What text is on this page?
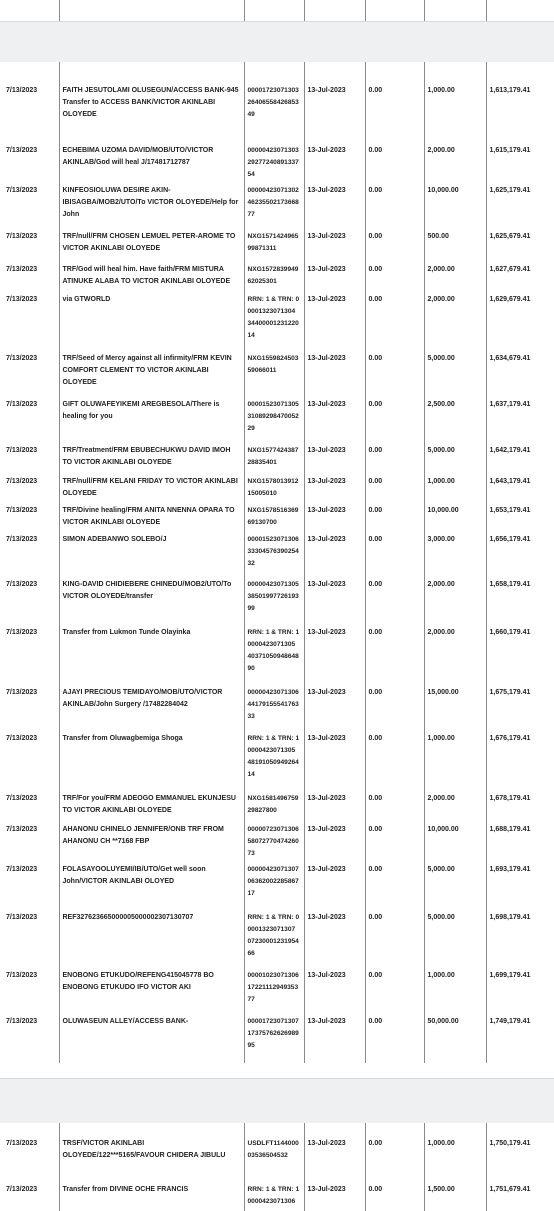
7/13/2023	FAITH JESUTOLAMI OLUSEGUN/ACCESS BANK-945 Transfer to ACCESS BANK/VICTOR AKINLABI OLOYEDE	000017230713032640655842685349	13-Jul-2023	0.00	1,000.00	1,613,179.41
7/13/2023	ECHEBIMA UZOMA DAVID/MOB/UTO/VICTOR AKINLAB/God will heal J/17481712787	000004230713032927724089133754	13-Jul-2023	0.00	2,000.00	1,615,179.41
7/13/2023	KINFEOSIOLUWA DESIRE AKIN-IBISAGBA/MOB2/UTO/To VICTOR OLOYEDE/Help for John	000004230713024623550217366877	13-Jul-2023	0.00	10,000.00	1,625,179.41
7/13/2023	TRF/null/FRM CHOSEN LEMUEL PETER-AROME TO VICTOR AKINLABI OLOYEDE	NXG157142496599871311	13-Jul-2023	0.00	500.00	1,625,679.41
7/13/2023	TRF/God will heal him. Have faith/FRM MISTURA ATINUKE ALABA TO VICTOR AKINLABI OLOYEDE	NXG157283994962025301	13-Jul-2023	0.00	2,000.00	1,627,679.41
7/13/2023	via GTWORLD	RRN: 1 & TRN: 00001323071304 34400001231220 14	13-Jul-2023	0.00	2,000.00	1,629,679.41
7/13/2023	TRF/Seed of Mercy against all infirmity/FRM KEVIN COMFORT CLEMENT TO VICTOR AKINLABI OLOYEDE	NXG155982450359066011	13-Jul-2023	0.00	5,000.00	1,634,679.41
7/13/2023	GIFT OLUWAFEYIKEMI AREGBESOLA/There is healing for you	000015230713053108929847005229	13-Jul-2023	0.00	2,500.00	1,637,179.41
7/13/2023	TRF/Treatment/FRM EBUBECHUKWU DAVID IMOH TO VICTOR AKINLABI OLOYEDE	NXG157742438728835401	13-Jul-2023	0.00	5,000.00	1,642,179.41
7/13/2023	TRF/null/FRM KELANI FRIDAY TO VICTOR AKINLABI OLOYEDE	NXG157801391215005010	13-Jul-2023	0.00	1,000.00	1,643,179.41
7/13/2023	TRF/Divine healing/FRM ANITA NNENNA OPARA TO VICTOR AKINLABI OLOYEDE	NXG157851636969130700	13-Jul-2023	0.00	10,000.00	1,653,179.41
7/13/2023	SIMON ADEBANWO SOLEBO/J	000015230713063330457639025432	13-Jul-2023	0.00	3,000.00	1,656,179.41
7/13/2023	KING-DAVID CHIDIEBERE CHINEDU/MOB2/UTO/To VICTOR OLOYEDE/transfer	000004230713053850199772619399	13-Jul-2023	0.00	2,000.00	1,658,179.41
7/13/2023	Transfer from Lukmon Tunde Olayinka	RRN: 1 & TRN: 10000423071305 40371050948648 90	13-Jul-2023	0.00	2,000.00	1,660,179.41
7/13/2023	AJAYI PRECIOUS TEMIDAYO/MOB/UTO/VICTOR AKINLAB/John Surgery /17482284042	000004230713064417915554176333	13-Jul-2023	0.00	15,000.00	1,675,179.41
7/13/2023	Transfer from Oluwagbemiga Shoga	RRN: 1 & TRN: 10000423071305 48191050949264 14	13-Jul-2023	0.00	1,000.00	1,676,179.41
7/13/2023	TRF/For you/FRM ADEOGO EMMANUEL EKUNJESU TO VICTOR AKINLABI OLOYEDE	NXG158149675929827800	13-Jul-2023	0.00	2,000.00	1,678,179.41
7/13/2023	AHANONU CHINELO JENNIFER/ONB TRF FROM AHANONU CH **7168 FBP	000007230713065807277047426073	13-Jul-2023	0.00	10,000.00	1,688,179.41
7/13/2023	FOLASAYOOLUYEMI/IB/UTO/Get well soon John/VICTOR AKINLABI OLOYED	000004230713070636200228586717	13-Jul-2023	0.00	5,000.00	1,693,179.41
7/13/2023	REF327623665000005000002307130707	RRN: 1 & TRN: 00001323071307 07230001231954 66	13-Jul-2023	0.00	5,000.00	1,698,179.41
7/13/2023	ENOBONG ETUKUDO/REFENG415045778 BO ENOBONG ETUKUDO IFO VICTOR AKI	000010230713061722111294935377	13-Jul-2023	0.00	1,000.00	1,699,179.41
7/13/2023	OLUWASEUN ALLEY/ACCESS BANK-	000017230713071737576262698995	13-Jul-2023	0.00	50,000.00	1,749,179.41
7/13/2023	TRSF/VICTOR AKINLABI OLOYEDE/122***5165/FAVOUR CHIDERA JIBULU	USDLFT114400003536504532	13-Jul-2023	0.00	1,000.00	1,750,179.41
7/13/2023	Transfer from DIVINE OCHE FRANCIS	RRN: 1 & TRN: 10000423071306	13-Jul-2023	0.00	1,500.00	1,751,679.41
